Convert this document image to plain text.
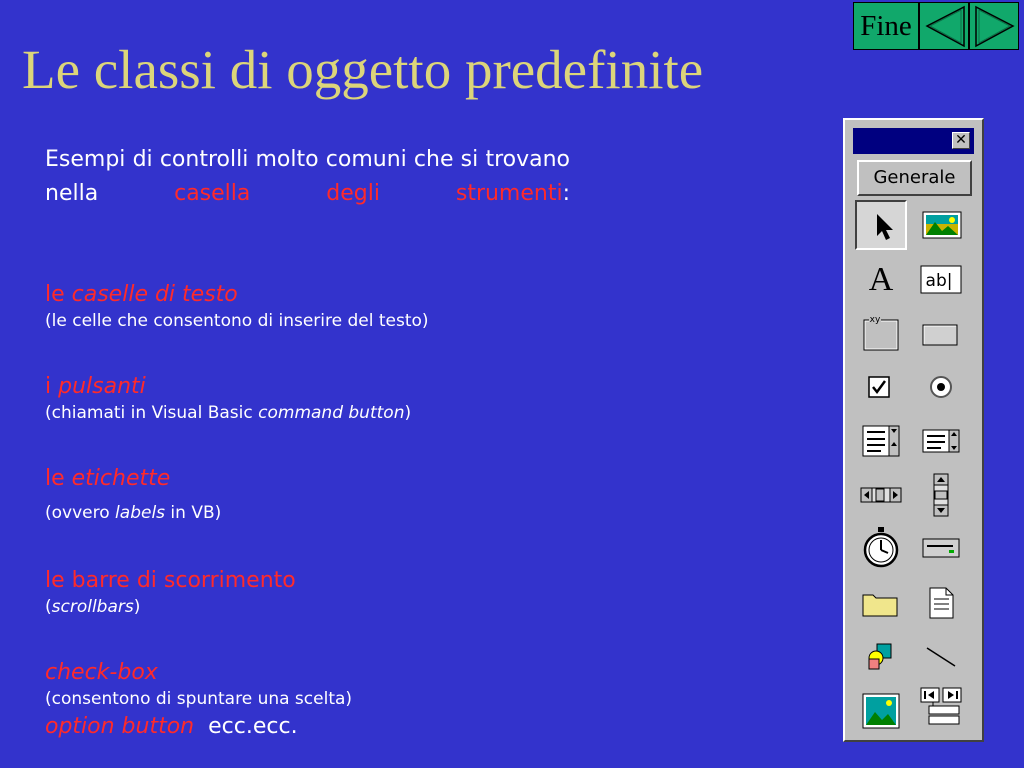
Le classi di oggetto predefinite
Fine
Esempi di controlli molto comuni che si trovano nella casella degli strumenti:
le caselle di testo
(le celle che consentono di inserire del testo)
i pulsanti
(chiamati in Visual Basic command button)
le etichette
(ovvero labels in VB)
le barre di scorrimento
(scrollbars)
check-box
(consentono di spuntare una scelta)
option button ecc.ecc.
✕
Generale
A ab|
xy
